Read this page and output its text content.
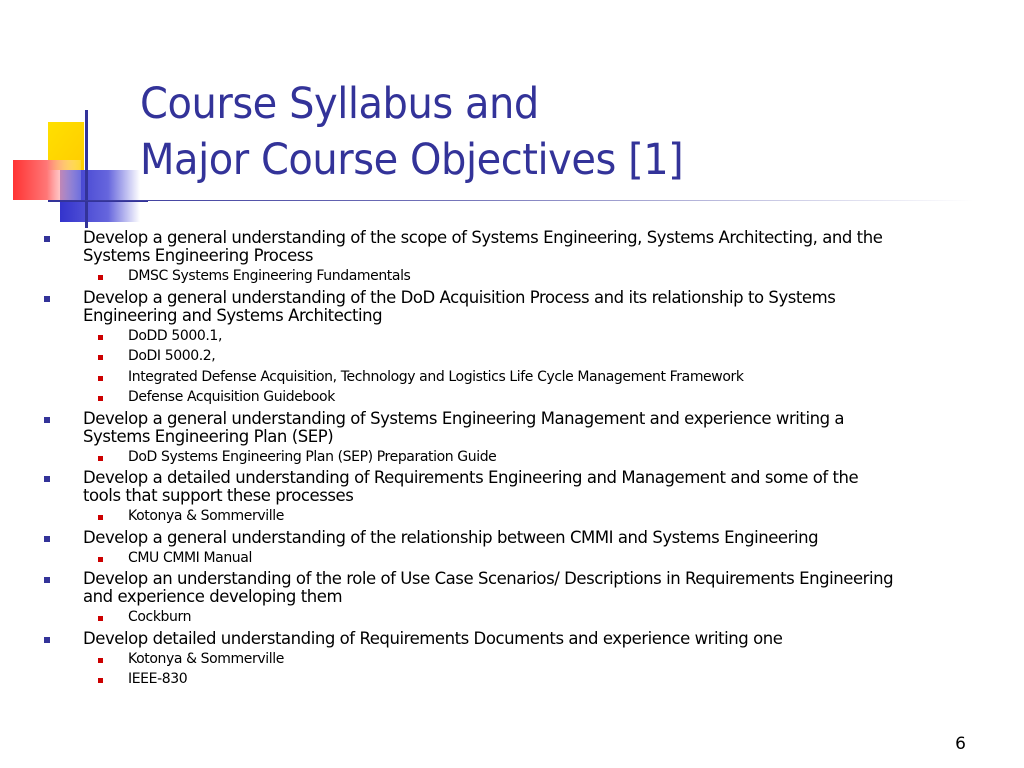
Course Syllabus and
Major Course Objectives [1]
Develop a general understanding of the scope of Systems Engineering, Systems Architecting, and the
Systems Engineering Process
DMSC Systems Engineering Fundamentals
Develop a general understanding of the DoD Acquisition Process and its relationship to Systems
Engineering and Systems Architecting
DoDD 5000.1,
DoDI 5000.2,
Integrated Defense Acquisition, Technology and Logistics Life Cycle Management Framework
Defense Acquisition Guidebook
Develop a general understanding of Systems Engineering Management and experience writing a
Systems Engineering Plan (SEP)
DoD Systems Engineering Plan (SEP) Preparation Guide
Develop a detailed understanding of Requirements Engineering and Management and some of the
tools that support these processes
Kotonya & Sommerville
Develop a general understanding of the relationship between CMMI and Systems Engineering
CMU CMMI Manual
Develop an understanding of the role of Use Case Scenarios/ Descriptions in Requirements Engineering
and experience developing them
Cockburn
Develop detailed understanding of Requirements Documents and experience writing one
Kotonya & Sommerville
IEEE-830
6
